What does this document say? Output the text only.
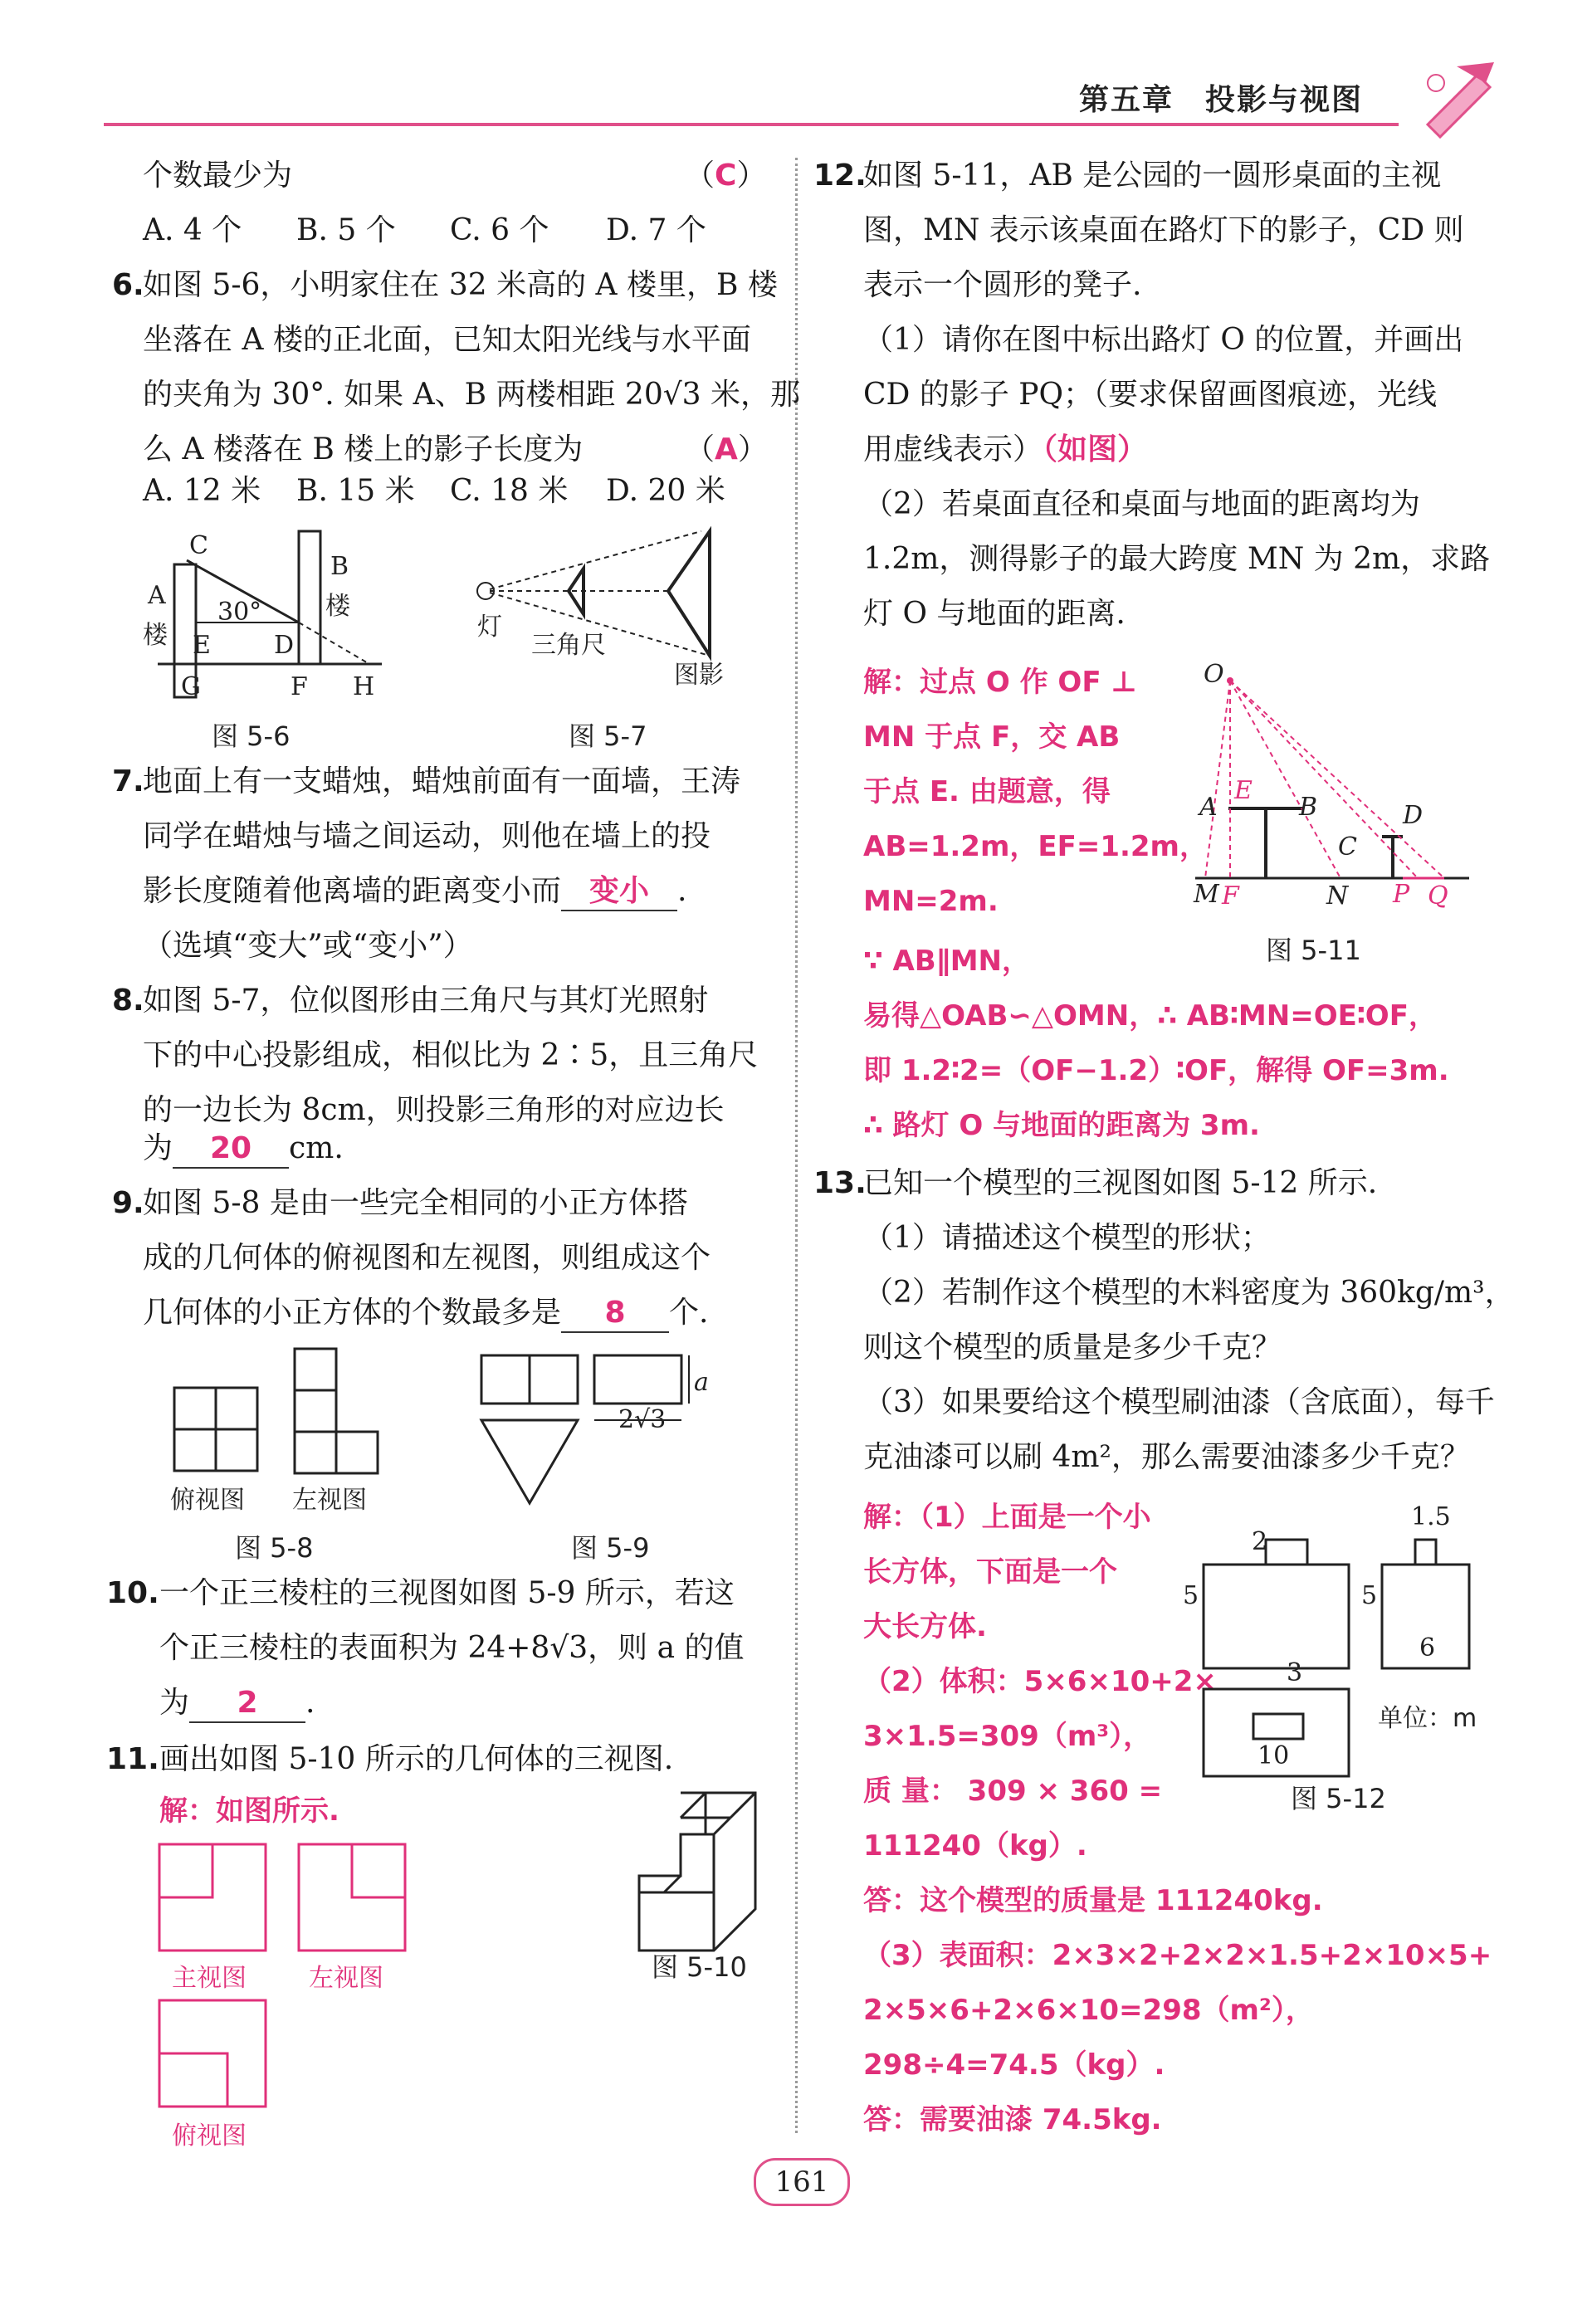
第五章　投影与视图
个数最少为	（C）
A. 4 个 B. 5 个 C. 6 个 D. 7 个
6.
如图 5-6，小明家住在 32 米高的 A 楼里，B 楼
坐落在 A 楼的正北面，已知太阳光线与水平面
的夹角为 30°. 如果 A、B 两楼相距 20√3 米，那
么 A 楼落在 B 楼上的影子长度为	（A）
A. 12 米 B. 15 米 C. 18 米 D. 20 米
C
A
楼
30°
E	D
B
楼
G	F H
图 5-6
灯
三角尺
图影
图 5-7
7.
地面上有一支蜡烛，蜡烛前面有一面墙，王涛
同学在蜡烛与墙之间运动，则他在墙上的投
影长度随着他离墙的距离变小而 变小 .
（选填“变大”或“变小”）
8.
如图 5-7，位似图形由三角尺与其灯光照射
下的中心投影组成，相似比为 2∶5，且三角尺
的一边长为 8cm，则投影三角形的对应边长
为 20 cm.
9.
如图 5-8 是由一些完全相同的小正方体搭
成的几何体的俯视图和左视图，则组成这个
几何体的小正方体的个数最多是 8 个.
俯视图 左视图
图 5-8
a
2√3
图 5-9
10. 一个正三棱柱的三视图如图 5-9 所示，若这
个正三棱柱的表面积为 24+8√3，则 a 的值
为 2 .
11. 画出如图 5-10 所示的几何体的三视图.
解：如图所示.
主视图	左视图
俯视图
图 5-10
12.
如图 5-11，AB 是公园的一圆形桌面的主视
图，MN 表示该桌面在路灯下的影子，CD 则
表示一个圆形的凳子.
（1）请你在图中标出路灯 O 的位置，并画出
CD 的影子 PQ；（要求保留画图痕迹，光线
用虚线表示）（如图）
（2）若桌面直径和桌面与地面的距离均为
1.2m，测得影子的最大跨度 MN 为 2m，求路
灯 O 与地面的距离.
解：过点 O 作 OF ⊥
MN 于点 F，交 AB
于点 E. 由题意，得
AB=1.2m，EF=1.2m，
MN=2m.
∵ AB∥MN，
易得△OAB∽△OMN，∴ AB∶MN=OE∶OF，
即 1.2∶2=（OF−1.2）∶OF，解得 OF=3m.
∴ 路灯 O 与地面的距离为 3m.
O
A
E
B	D
C
M F	N P Q
图 5-11
13.
已知一个模型的三视图如图 5-12 所示.
（1）请描述这个模型的形状；
（2）若制作这个模型的木料密度为 360kg/m³，
则这个模型的质量是多少千克？
（3）如果要给这个模型刷油漆（含底面），每千
克油漆可以刷 4m²，那么需要油漆多少千克？
解：（1）上面是一个小
长方体，下面是一个
大长方体.
（2）体积：5×6×10+2×
3×1.5=309（m³），
质 量： 309 × 360 =
111240（kg）.
答：这个模型的质量是 111240kg.
（3）表面积：2×3×2+2×2×1.5+2×10×5+
2×5×6+2×6×10=298（m²），
298÷4=74.5（kg）.
答：需要油漆 74.5kg.
2
5
1.5
5
6
3
10
单位：m
图 5-12
161
